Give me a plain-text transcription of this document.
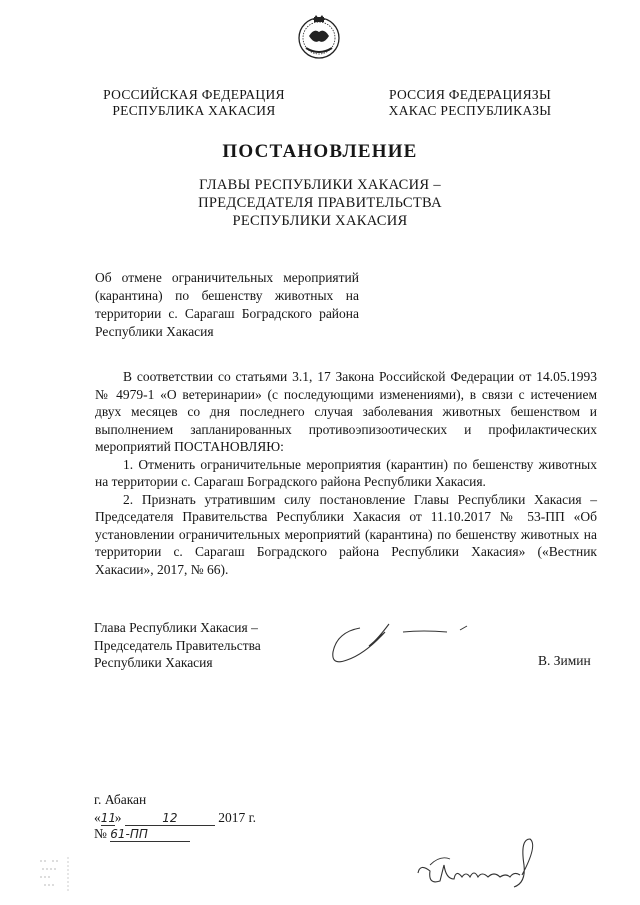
РОССИЙСКАЯ ФЕДЕРАЦИЯ
РЕСПУБЛИКА ХАКАСИЯ
РОССИЯ ФЕДЕРАЦИЯЗЫ
ХАКАС РЕСПУБЛИКАЗЫ
ПОСТАНОВЛЕНИЕ
ГЛАВЫ РЕСПУБЛИКИ ХАКАСИЯ –
ПРЕДСЕДАТЕЛЯ ПРАВИТЕЛЬСТВА
РЕСПУБЛИКИ ХАКАСИЯ
Об отмене ограничительных мероприятий (карантина) по бешенству животных на территории с. Сарагаш Боградского района Республики Хакасия

В соответствии со статьями 3.1, 17 Закона Российской Федерации от 14.05.1993 № 4979-1 «О ветеринарии» (с последующими изменениями), в связи с истечением двух месяцев со дня последнего случая заболевания животных бешенством и выполнением запланированных противоэпизоотических и профилактических мероприятий ПОСТАНОВЛЯЮ:

1. Отменить ограничительные мероприятия (карантин) по бешенству животных на территории с. Сарагаш Боградского района Республики Хакасия.

2. Признать утратившим силу постановление Главы Республики Хакасия – Председателя Правительства Республики Хакасия от 11.10.2017 № 53-ПП «Об установлении ограничительных мероприятий (карантина) по бешенству животных на территории с. Сарагаш Боградского района Республики Хакасия» («Вестник Хакасии», 2017, № 66).

Глава Республики Хакасия –
Председатель Правительства
Республики Хакасия	В. Зимин
г. Абакан
«11»	12	2017 г.
№ 61-ПП
